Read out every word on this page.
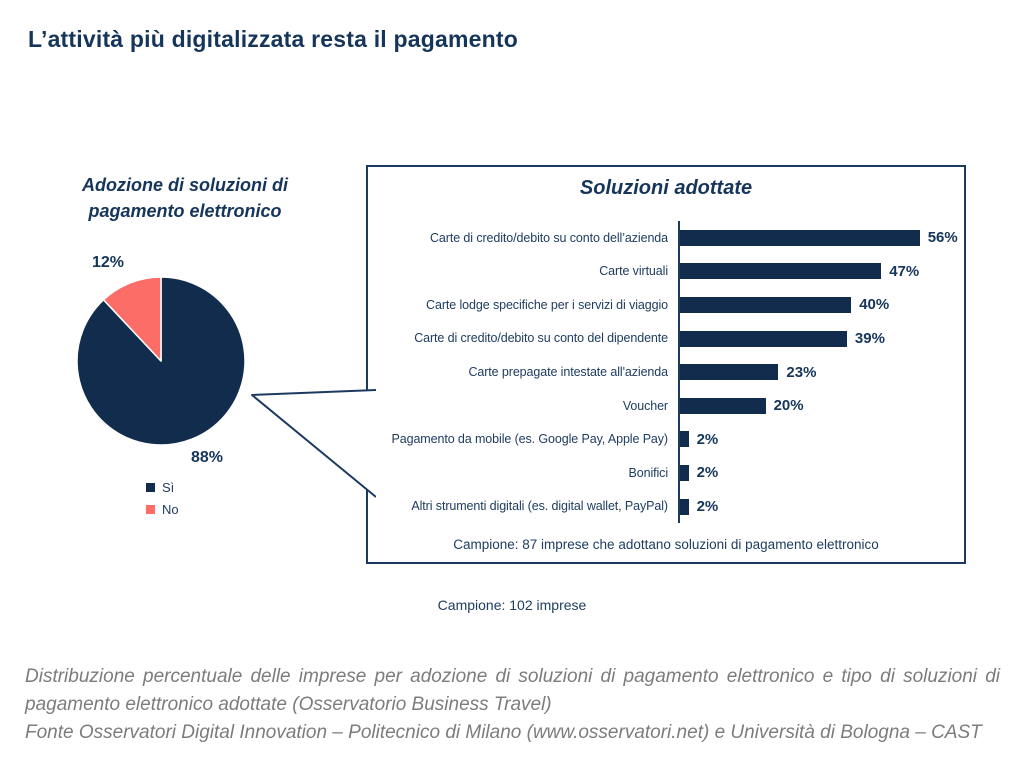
L’attività più digitalizzata resta il pagamento
Adozione di soluzioni di pagamento elettronico
12%
88%
Sì
No
Soluzioni adottate
Carte di credito/debito su conto dell’azienda	56%
Carte virtuali	47%
Carte lodge specifiche per i servizi di viaggio	40%
Carte di credito/debito su conto del dipendente	39%
Carte prepagate intestate all'azienda	23%
Voucher	20%
Pagamento da mobile (es. Google Pay, Apple Pay)	2%
Bonifici	2%
Altri strumenti digitali (es. digital wallet, PayPal)	2%
Campione: 87 imprese che adottano soluzioni di pagamento elettronico
Campione: 102 imprese

Distribuzione percentuale delle imprese per adozione di soluzioni di pagamento elettronico e tipo di soluzioni di pagamento elettronico adottate (Osservatorio Business Travel)

Fonte Osservatori Digital Innovation – Politecnico di Milano (www.osservatori.net) e Università di Bologna – CAST
